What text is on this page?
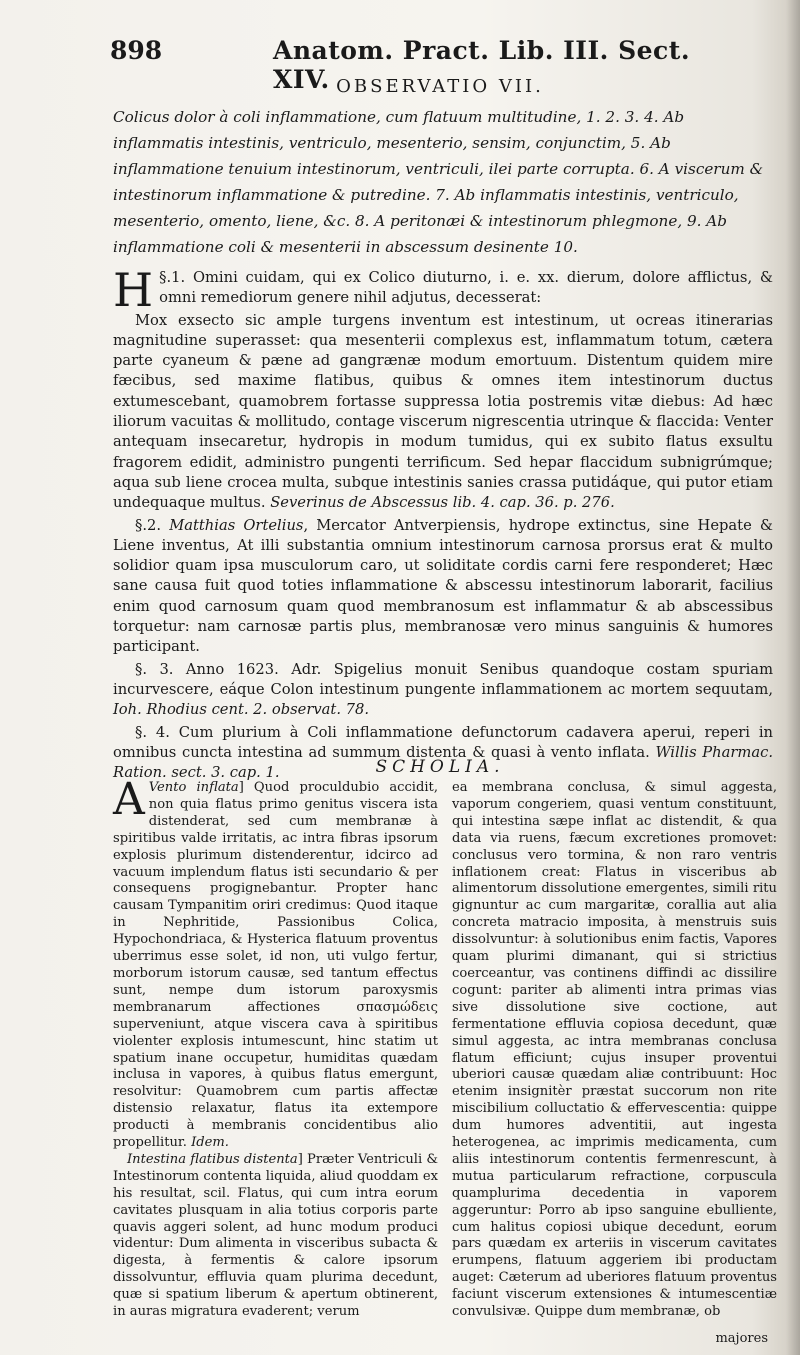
898	Anatom. Pract. Lib. III. Sect. XIV. OBSERVATIO VII.

Colicus dolor à coli inflammatione, cum flatuum multitudine, 1. 2. 3. 4. Ab inflammatis intestinis, ventriculo, mesenterio, sensim, conjunctim, 5. Ab inflammatione tenuium intestinorum, ventriculi, ilei parte corrupta. 6. A viscerum & intestinorum inflammatione & putredine. 7. Ab inflammatis intestinis, ventriculo, mesenterio, omento, liene, &c. 8. A peritonæi & intestinorum phlegmone, 9. Ab inflammatione coli & mesenterii in abscessum desinente 10.

§.1.
H	Omini cuidam, qui ex Colico diuturno, i. e. xx. dierum, dolore afflictus, & omni remediorum genere nihil adjutus, decesserat:

Mox exsecto sic ample turgens inventum est intestinum, ut ocreas itinerarias magnitudine superasset: qua mesenterii complexus est, inflammatum totum, cætera parte cyaneum & pæne ad gangrænæ modum emortuum. Distentum quidem mire fæcibus, sed maxime flatibus, quibus & omnes item intestinorum ductus extumescebant, quamobrem fortasse suppressa lotia postremis vitæ diebus: Ad hæc iliorum vacuitas & mollitudo, contage viscerum nigrescentia utrinque & flaccida: Venter antequam insecaretur, hydropis in modum tumidus, qui ex subito flatus exsultu fragorem edidit, administro pungenti terrificum. Sed hepar flaccidum subnigrúmque; aqua sub liene crocea multa, subque intestinis sanies crassa putidáque, qui putor etiam undequaque multus. Severinus de Abscessus lib. 4. cap. 36. p. 276.

§.2. Matthias Ortelius, Mercator Antverpiensis, hydrope extinctus, sine Hepate & Liene inventus, At illi substantia omnium intestinorum carnosa prorsus erat & multo solidior quam ipsa musculorum caro, ut soliditate cordis carni fere responderet; Hæc sane causa fuit quod toties inflammatione & abscessu intestinorum laborarit, facilius enim quod carnosum quam quod membranosum est inflammatur & ab abscessibus torquetur: nam carnosæ partis plus, membranosæ vero minus sanguinis & humores participant.

§. 3. Anno 1623. Adr. Spigelius monuit Senibus quandoque costam spuriam incurvescere, eáque Colon intestinum pungente inflammationem ac mortem sequutam, Ioh. Rhodius cent. 2. observat. 78.

§. 4. Cum plurium à Coli inflammatione defunctorum cadavera aperui, reperi in omnibus cuncta intestina ad summum distenta & quasi à vento inflata. Willis Pharmac. Ration. sect. 3. cap. 1.	SCHOLIA.

A Vento inflata] Quod proculdubio accidit, non quia flatus primo genitus viscera ista distenderat, sed cum membranæ à spiritibus valde irritatis, ac intra fibras ipsorum explosis plurimum distenderentur, idcirco ad vacuum implendum flatus isti secundario & per consequens progignebantur. Propter hanc causam Tympanitim oriri credimus: Quod itaque in Nephritide, Passionibus Colica, Hypochondriaca, & Hysterica flatuum proventus uberrimus esse solet, id non, uti vulgo fertur, morborum istorum causæ, sed tantum effectus sunt, nempe dum istorum paroxysmis membranarum affectiones σπασμώδεις superveniunt, atque viscera cava à spiritibus violenter explosis intumescunt, hinc statim ut spatium inane occupetur, humiditas quædam inclusa in vapores, à quibus flatus emergunt, resolvitur: Quamobrem cum partis affectæ distensio relaxatur, flatus ita extempore producti à membranis concidentibus alio propellitur. Idem.

Intestina flatibus distenta] Præter Ventriculi & Intestinorum contenta liquida, aliud quoddam ex his resultat, scil. Flatus, qui cum intra eorum cavitates plusquam in alia totius corporis parte quavis aggeri solent, ad hunc modum produci videntur: Dum alimenta in visceribus subacta & digesta, à fermentis & calore ipsorum dissolvuntur, effluvia quam plurima decedunt, quæ si spatium liberum & apertum obtinerent, in auras migratura evaderent; verum

ea membrana conclusa, & simul aggesta, vaporum congeriem, quasi ventum constituunt, qui intestina sæpe inflat ac distendit, & qua data via ruens, fæcum excretiones promovet: conclusus vero tormina, & non raro ventris inflationem creat: Flatus in visceribus ab alimentorum dissolutione emergentes, simili ritu gignuntur ac cum margaritæ, corallia aut alia concreta matracio imposita, à menstruis suis dissolvuntur: à solutionibus enim factis, Vapores quam plurimi dimanant, qui si strictius coerceantur, vas continens diffindi ac dissilire cogunt: pariter ab alimenti intra primas vias sive dissolutione sive coctione, aut fermentatione effluvia copiosa decedunt, quæ simul aggesta, ac intra membranas conclusa flatum efficiunt; cujus insuper proventui uberiori causæ quædam aliæ contribuunt: Hoc etenim insignitèr præstat succorum non rite miscibilium colluctatio & effervescentia: quippe dum humores adventitii, aut ingesta heterogenea, ac imprimis medicamenta, cum aliis intestinorum contentis fermenrescunt, à mutua particularum refractione, corpuscula quamplurima decedentia in vaporem aggeruntur: Porro ab ipso sanguine ebulliente, cum halitus copiosi ubique decedunt, eorum pars quædam ex arteriis in viscerum cavitates erumpens, flatuum aggeriem ibi productam auget: Cæterum ad uberiores flatuum proventus faciunt viscerum extensiones & intumescentiæ convulsivæ. Quippe dum membranæ, ob

majores
